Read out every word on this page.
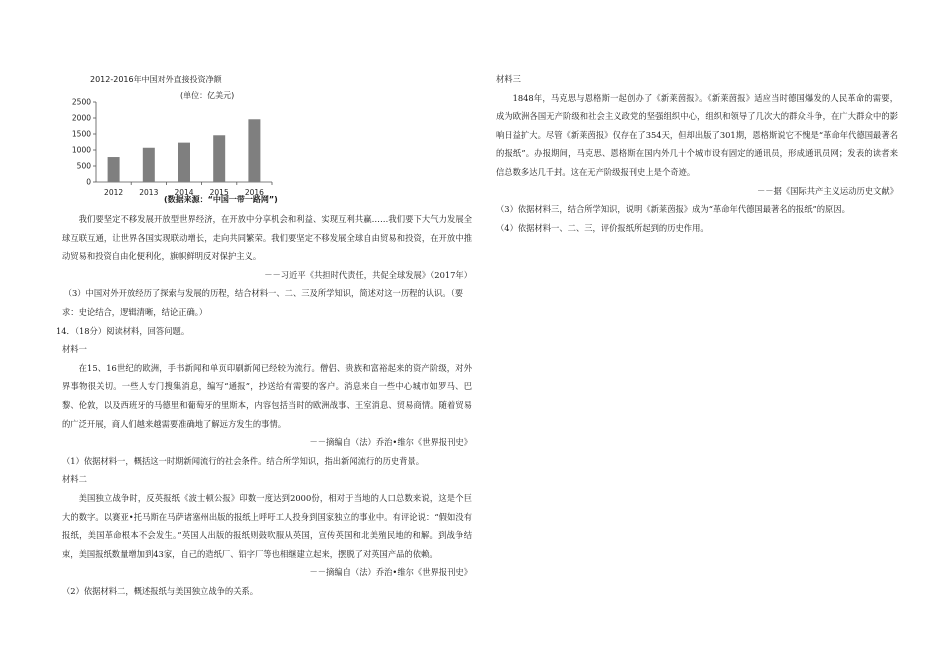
2012-2016年中国对外直接投资净额
(单位：亿美元)
0
500
1000
1500
2000
2500
2012 2013 2014 2015 2016
(数据来源：“中国一带一路网”)

我们要坚定不移发展开放型世界经济，在开放中分享机会和利益、实现互利共赢……我们要下大气力发展全球互联互通，让世界各国实现联动增长，走向共同繁荣。我们要坚定不移发展全球自由贸易和投资，在开放中推动贸易和投资自由化便利化，旗帜鲜明反对保护主义。

－－习近平《共担时代责任，共促全球发展》（2017年）

（3）中国对外开放经历了探索与发展的历程，结合材料一、二、三及所学知识，简述对这一历程的认识。（要求：史论结合，逻辑清晰，结论正确。）

14．（18分）阅读材料，回答问题。

材料一

在15、16世纪的欧洲，手书新闻和单页印刷新闻已经较为流行。僧侣、贵族和富裕起来的资产阶级，对外界事物很关切。一些人专门搜集消息，编写“通报”，抄送给有需要的客户。消息来自一些中心城市如罗马、巴黎、伦敦，以及西班牙的马德里和葡萄牙的里斯本，内容包括当时的欧洲战事、王室消息、贸易商情。随着贸易的广泛开展，商人们越来越需要准确地了解远方发生的事情。

－－摘编自（法）乔治•维尔《世界报刊史》

（1）依据材料一，概括这一时期新闻流行的社会条件。结合所学知识，指出新闻流行的历史背景。

材料二

美国独立战争时，反英报纸《波士顿公报》印数一度达到2000份，相对于当地的人口总数来说，这是个巨大的数字。以赛亚•托马斯在马萨诸塞州出版的报纸上呼吁工人投身到国家独立的事业中。有评论说：“假如没有报纸，美国革命根本不会发生。”英国人出版的报纸则鼓吹服从英国，宣传英国和北美殖民地的和解。到战争结束，美国报纸数量增加到43家，自己的造纸厂、铅字厂等也相继建立起来，摆脱了对英国产品的依赖。

－－摘编自（法）乔治•维尔《世界报刊史》

（2）依据材料二，概述报纸与美国独立战争的关系。

材料三

1848年，马克思与恩格斯一起创办了《新莱茵报》。《新莱茵报》适应当时德国爆发的人民革命的需要，成为欧洲各国无产阶级和社会主义政党的坚强组织中心，组织和领导了几次大的群众斗争，在广大群众中的影响日益扩大。尽管《新莱茵报》仅存在了354天，但却出版了301期，恩格斯说它不愧是“革命年代德国最著名的报纸”。办报期间，马克思、恩格斯在国内外几十个城市设有固定的通讯员，形成通讯员网；发表的读者来信总数多达几千封。这在无产阶级报刊史上是个奇迹。

－－据《国际共产主义运动历史文献》

（3）依据材料三，结合所学知识，说明《新莱茵报》成为“革命年代德国最著名的报纸”的原因。

（4）依据材料一、二、三，评价报纸所起到的历史作用。
